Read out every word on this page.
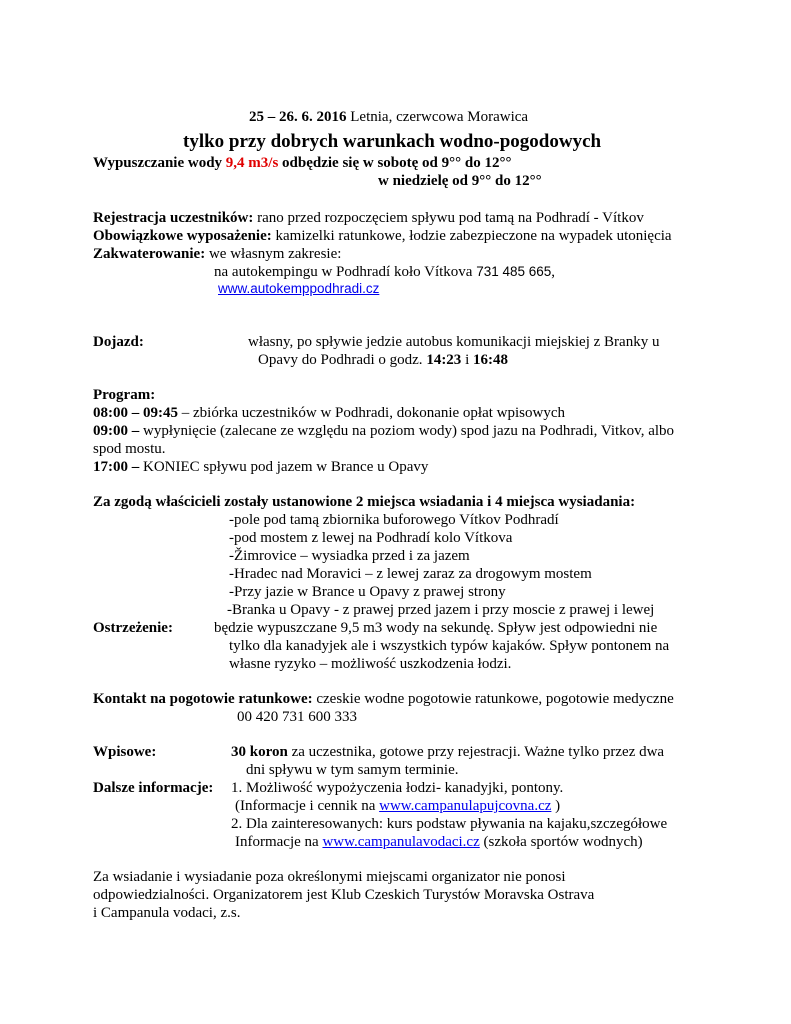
25 – 26. 6. 2016 Letnia, czerwcowa Morawica
tylko przy dobrych warunkach wodno-pogodowych
Wypuszczanie wody 9,4 m3/s odbędzie się w sobotę od 9°° do 12°°
w niedzielę od 9°° do 12°°
Rejestracja uczestników: rano przed rozpoczęciem spływu pod tamą na Podhradí - Vítkov
Obowiązkowe wyposażenie: kamizelki ratunkowe, łodzie zabezpieczone na wypadek utonięcia
Zakwaterowanie: we własnym zakresie:
na autokempingu w Podhradí koło Vítkova 731 485 665,
www.autokemppodhradi.cz
Dojazd:	własny, po spływie jedzie autobus komunikacji miejskiej z Branky u
Opavy do Podhradi o godz. 14:23 i 16:48
Program:
08:00 – 09:45 – zbiórka uczestników w Podhradi, dokonanie opłat wpisowych
09:00 – wypłynięcie (zalecane ze względu na poziom wody) spod jazu na Podhradi, Vitkov, albo
spod mostu.
17:00 – KONIEC spływu pod jazem w Brance u Opavy
Za zgodą właścicieli zostały ustanowione 2 miejsca wsiadania i 4 miejsca wysiadania:
-pole pod tamą zbiornika buforowego Vítkov Podhradí
-pod mostem z lewej na Podhradí kolo Vítkova
-Žimrovice – wysiadka przed i za jazem
-Hradec nad Moravici – z lewej zaraz za drogowym mostem
-Przy jazie w Brance u Opavy z prawej strony
-Branka u Opavy - z prawej przed jazem i przy moscie z prawej i lewej
Ostrzeżenie:	będzie wypuszczane 9,5 m3 wody na sekundę. Spływ jest odpowiedni nie
tylko dla kanadyjek ale i wszystkich typów kajaków. Spływ pontonem na
własne ryzyko – możliwość uszkodzenia łodzi.
Kontakt na pogotowie ratunkowe: czeskie wodne pogotowie ratunkowe, pogotowie medyczne
00 420 731 600 333
Wpisowe:	30 koron za uczestnika, gotowe przy rejestracji. Ważne tylko przez dwa
dni spływu w tym samym terminie.
Dalsze informacje: 1. Możliwość wypożyczenia łodzi- kanadyjki, pontony.
(Informacje i cennik na www.campanulapujcovna.cz )
2. Dla zainteresowanych: kurs podstaw pływania na kajaku,szczegółowe
Informacje na www.campanulavodaci.cz (szkoła sportów wodnych)
Za wsiadanie i wysiadanie poza określonymi miejscami organizator nie ponosi
odpowiedzialności. Organizatorem jest Klub Czeskich Turystów Moravska Ostrava
i Campanula vodaci, z.s.
